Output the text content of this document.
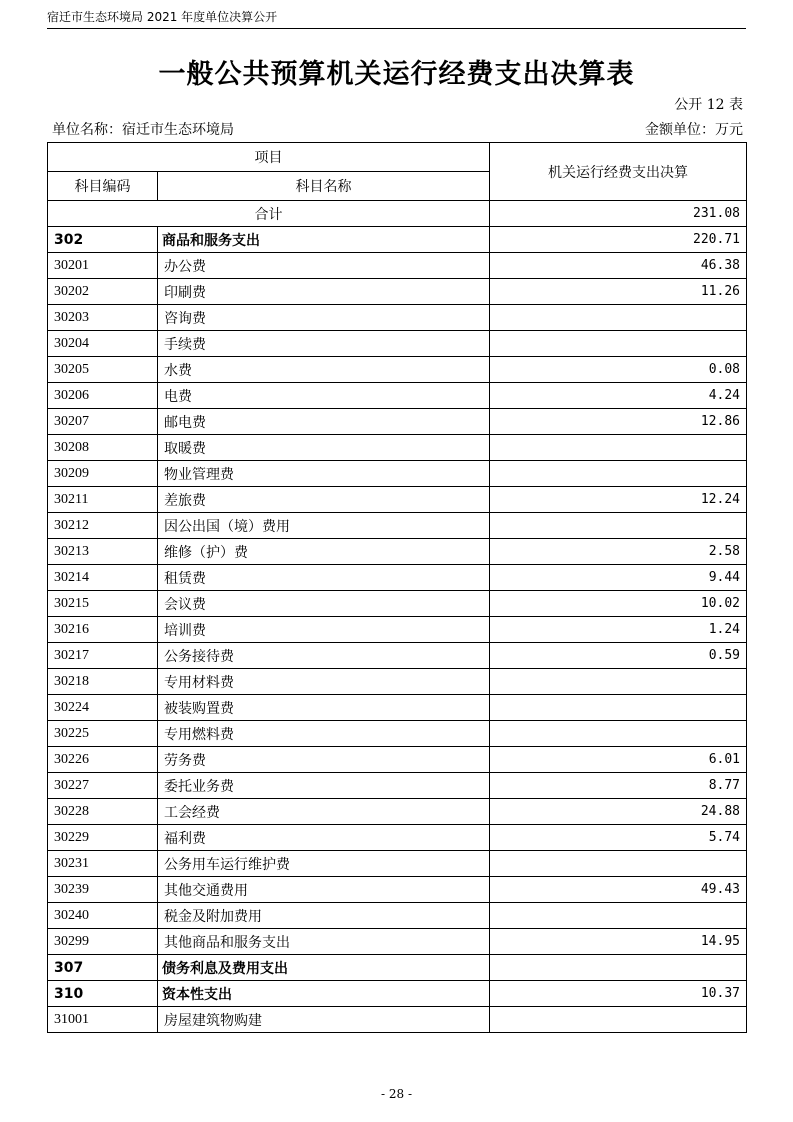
宿迁市生态环境局 2021 年度单位决算公开
一般公共预算机关运行经费支出决算表
公开 12 表
单位名称：宿迁市生态环境局	金额单位：万元
项目		机关运行经费支出决算
科目编码	科目名称	
合计		231.08
302	商品和服务支出	220.71
30201	办公费	46.38
30202	印刷费	11.26
30203	咨询费	
30204	手续费	
30205	水费	0.08
30206	电费	4.24
30207	邮电费	12.86
30208	取暖费	
30209	物业管理费	
30211	差旅费	12.24
30212	因公出国（境）费用	
30213	维修（护）费	2.58
30214	租赁费	9.44
30215	会议费	10.02
30216	培训费	1.24
30217	公务接待费	0.59
30218	专用材料费	
30224	被装购置费	
30225	专用燃料费	
30226	劳务费	6.01
30227	委托业务费	8.77
30228	工会经费	24.88
30229	福利费	5.74
30231	公务用车运行维护费	
30239	其他交通费用	49.43
30240	税金及附加费用	
30299	其他商品和服务支出	14.95
307	债务利息及费用支出	
310	资本性支出	10.37
31001	房屋建筑物购建	
- 28 -
